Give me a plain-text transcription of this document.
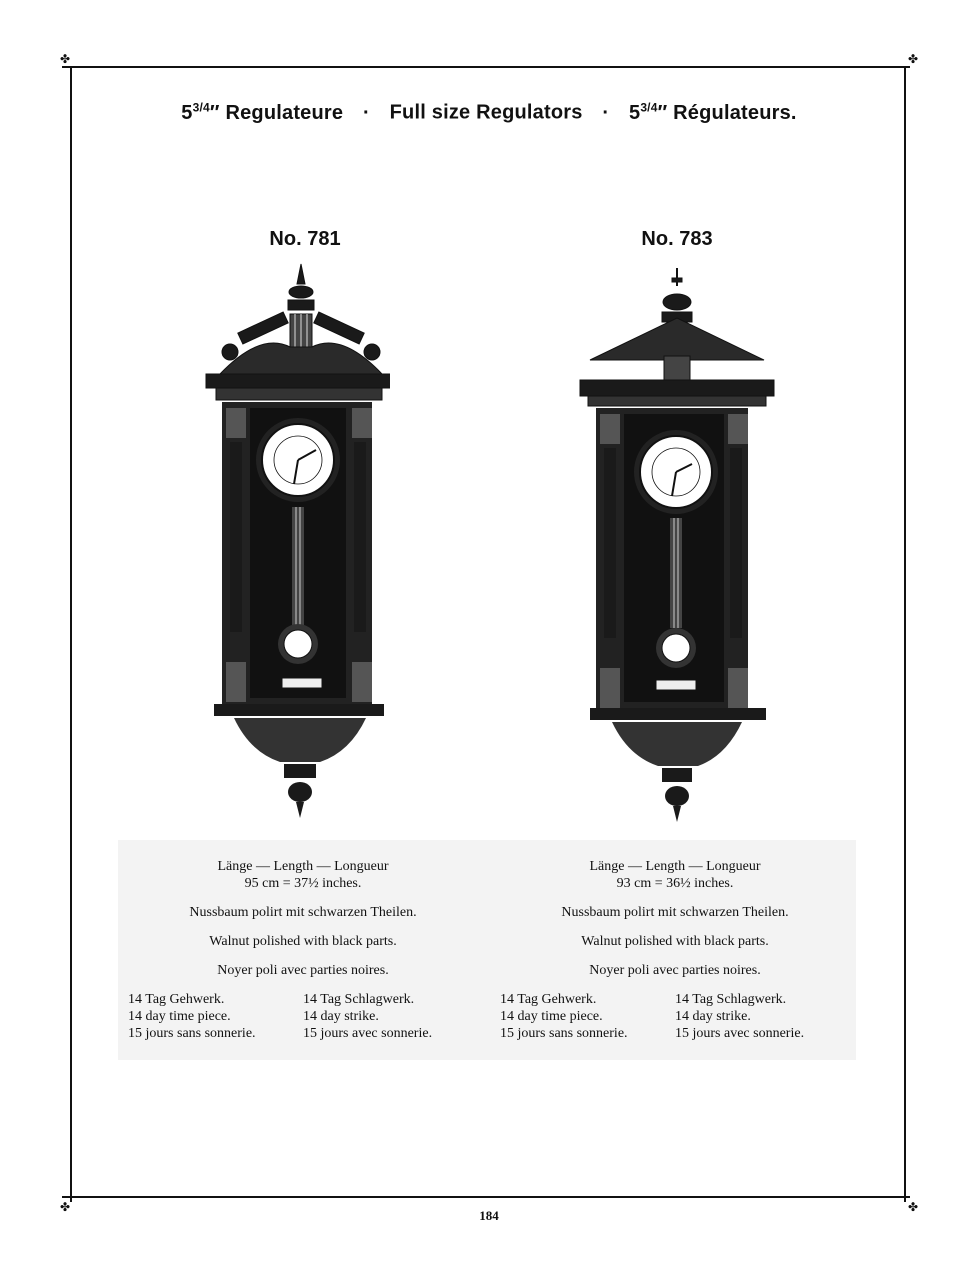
✤	✤
✤	✤
$5^{3/4}''$ Regulateure · Full size Regulators · $5^{3/4}''$ Régulateurs.
No. 781	No. 783
Länge — Length — Longueur
95 cm = 37½ inches.
Nussbaum polirt mit schwarzen Theilen.
Walnut polished with black parts.
Noyer poli avec parties noires.
14 Tag Gehwerk.
14 day time piece.
15 jours sans sonnerie.
14 Tag Schlagwerk.
14 day strike.
15 jours avec sonnerie.
Länge — Length — Longueur
93 cm = 36½ inches.
Nussbaum polirt mit schwarzen Theilen.
Walnut polished with black parts.
Noyer poli avec parties noires.
14 Tag Gehwerk.
14 day time piece.
15 jours sans sonnerie.
14 Tag Schlagwerk.
14 day strike.
15 jours avec sonnerie.
184
